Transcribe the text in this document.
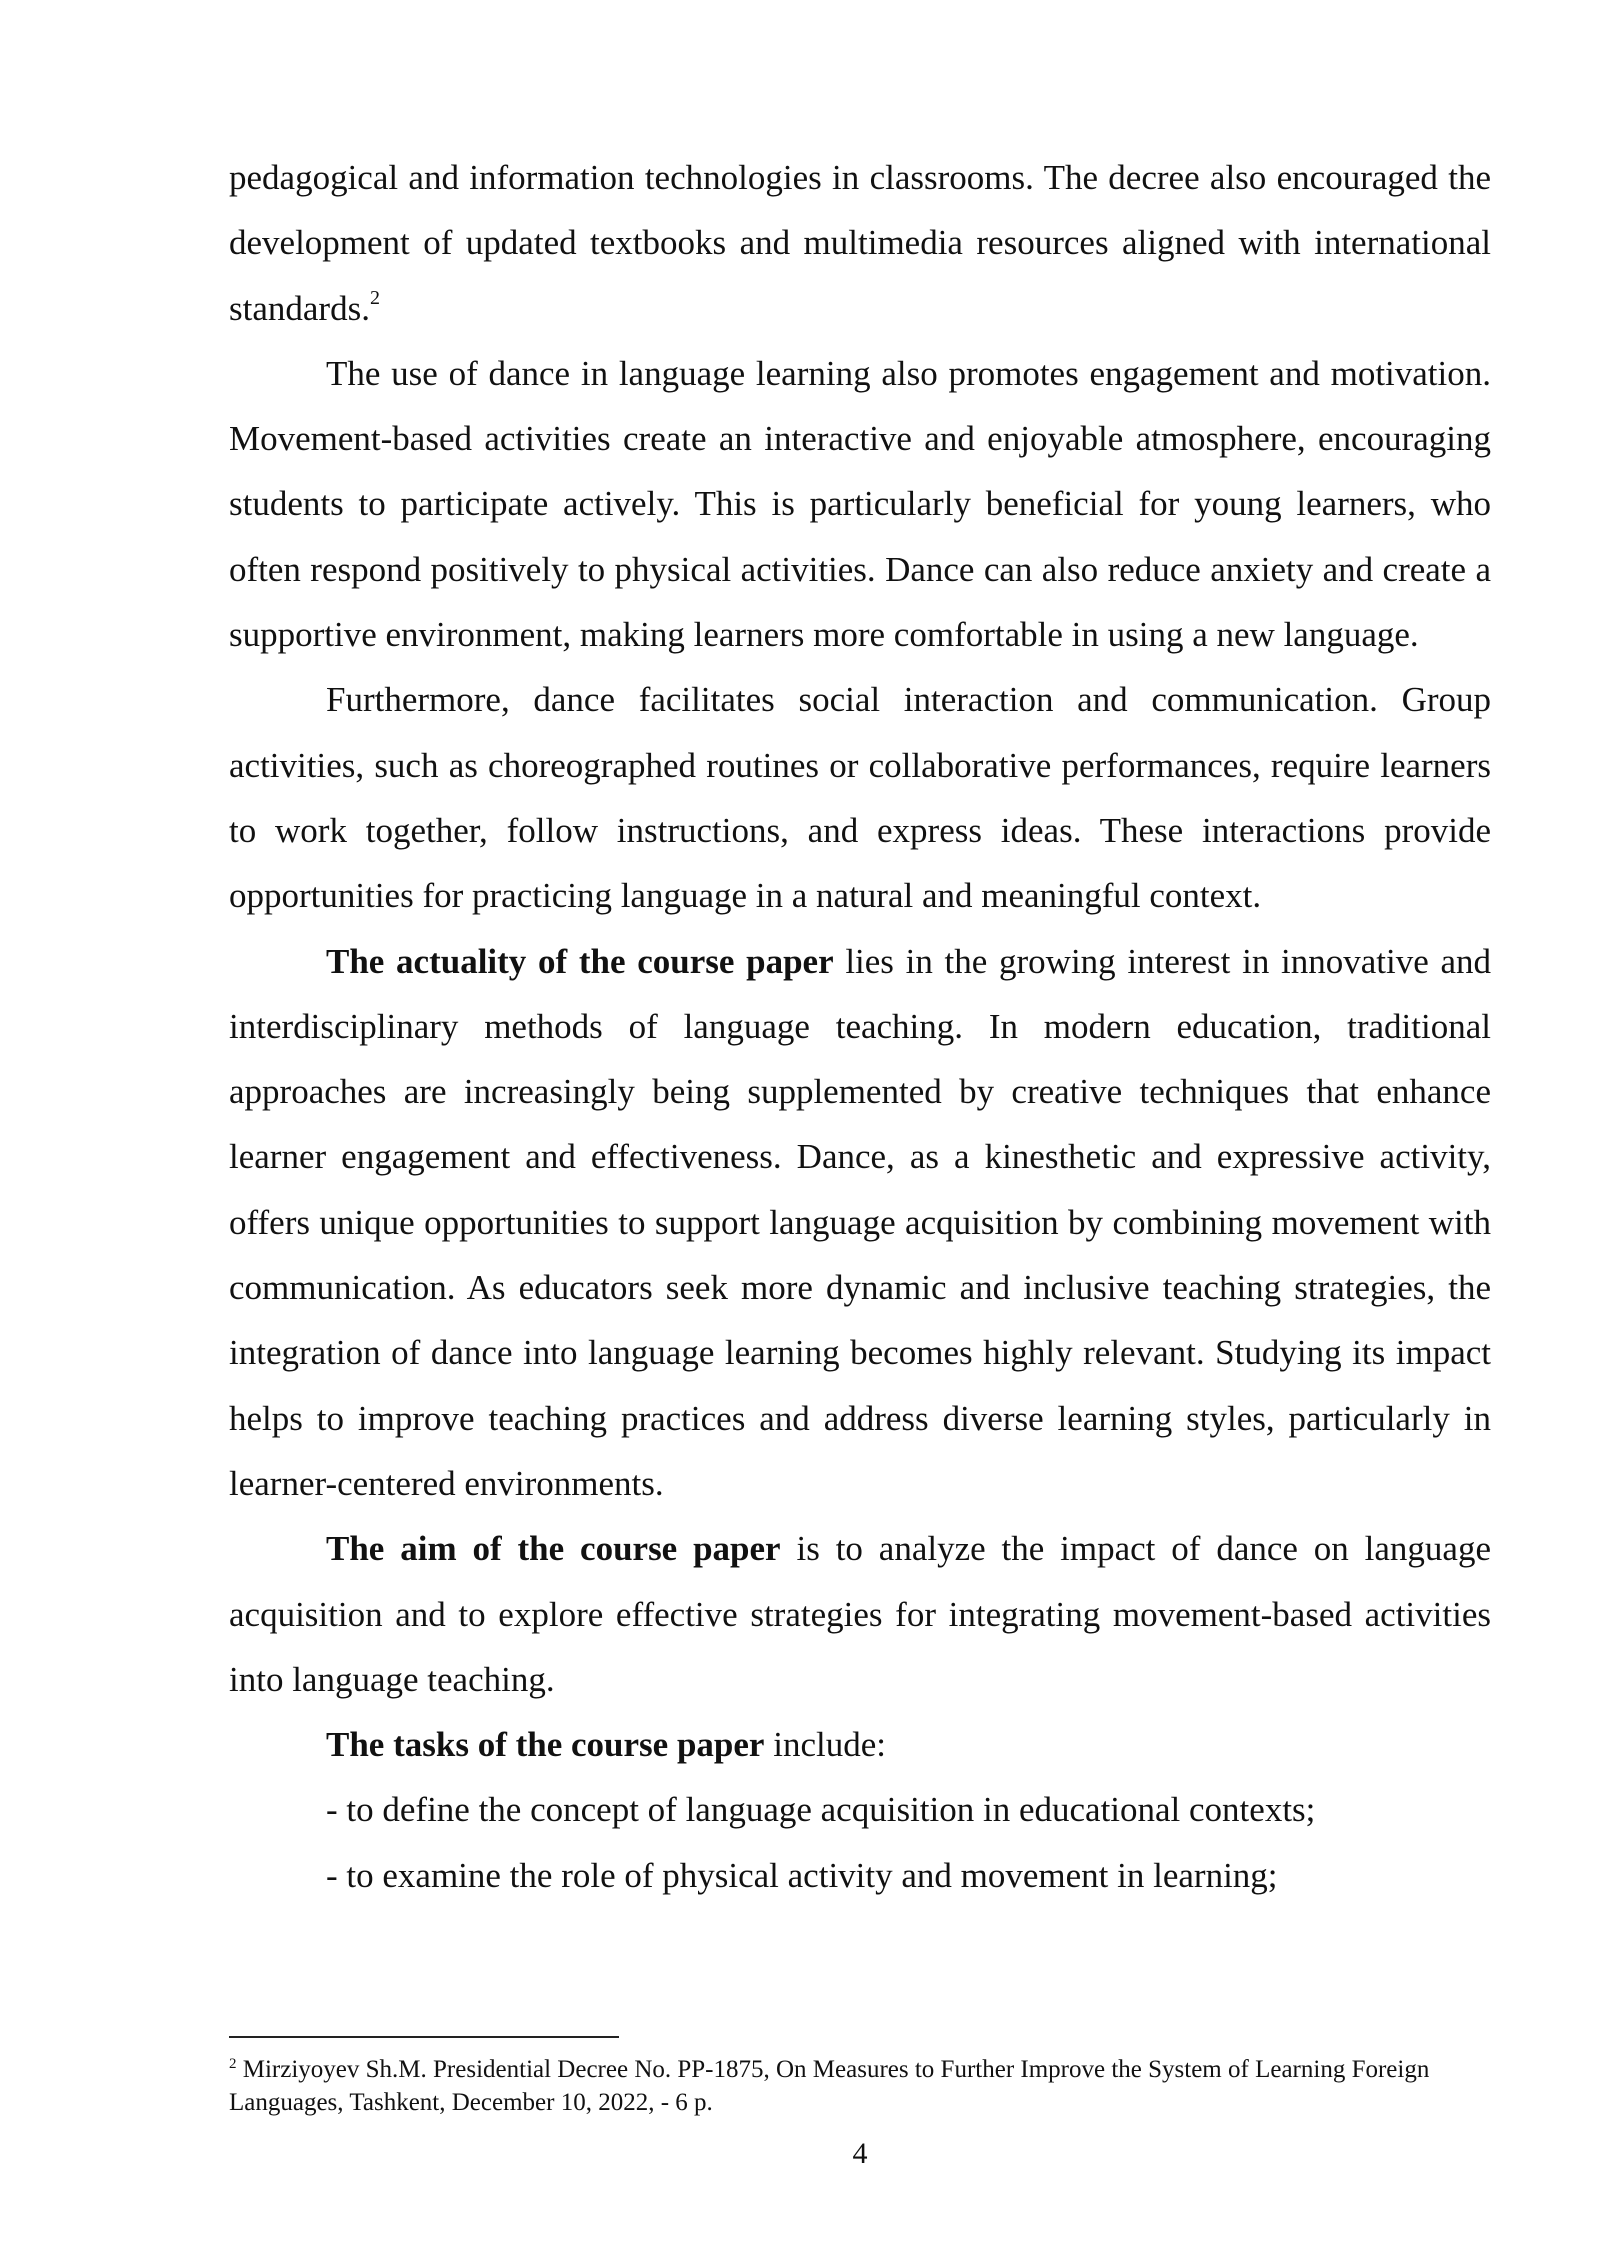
pedagogical and information technologies in classrooms. The decree also encouraged the development of updated textbooks and multimedia resources aligned with international standards.$^2$

The use of dance in language learning also promotes engagement and motivation. Movement-based activities create an interactive and enjoyable atmosphere, encouraging students to participate actively. This is particularly beneficial for young learners, who often respond positively to physical activities. Dance can also reduce anxiety and create a supportive environment, making learners more comfortable in using a new language.

Furthermore, dance facilitates social interaction and communication. Group activities, such as choreographed routines or collaborative performances, require learners to work together, follow instructions, and express ideas. These interactions provide opportunities for practicing language in a natural and meaningful context.

The actuality of the course paper lies in the growing interest in innovative and interdisciplinary methods of language teaching. In modern education, traditional approaches are increasingly being supplemented by creative techniques that enhance learner engagement and effectiveness. Dance, as a kinesthetic and expressive activity, offers unique opportunities to support language acquisition by combining movement with communication. As educators seek more dynamic and inclusive teaching strategies, the integration of dance into language learning becomes highly relevant. Studying its impact helps to improve teaching practices and address diverse learning styles, particularly in learner-centered environments.

The aim of the course paper is to analyze the impact of dance on language acquisition and to explore effective strategies for integrating movement-based activities into language teaching.

The tasks of the course paper include:

- to define the concept of language acquisition in educational contexts;

- to examine the role of physical activity and movement in learning;

$^2$ Mirziyoyev Sh.M. Presidential Decree No. PP-1875, On Measures to Further Improve the System of Learning Foreign Languages, Tashkent, December 10, 2022, - 6 p.
4
